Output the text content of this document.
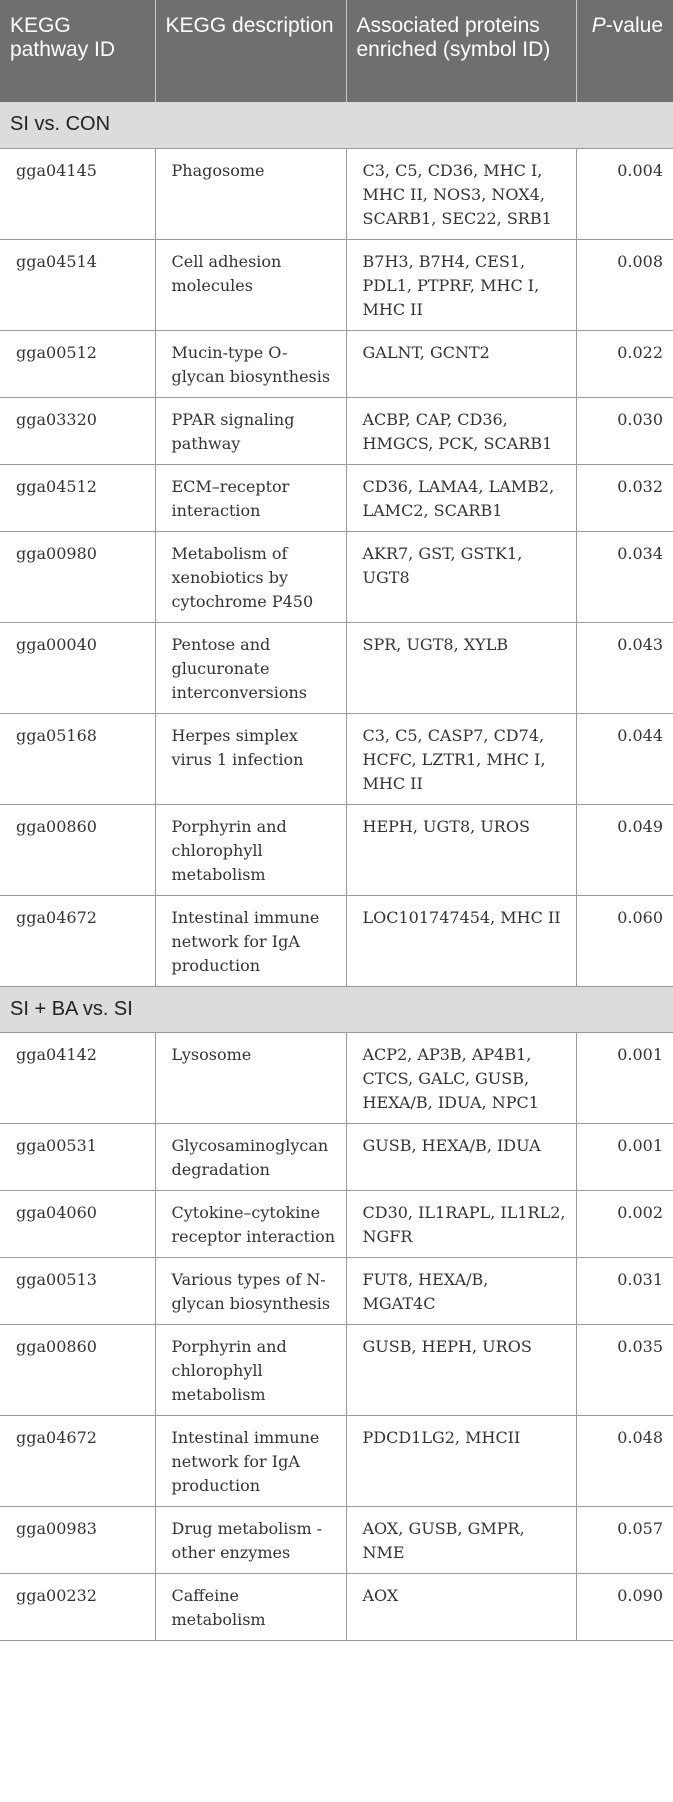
KEGG pathway ID	KEGG description	Associated proteins enriched (symbol ID)	P-value
SI vs. CON			
gga04145	Phagosome	C3, C5, CD36, MHC I, MHC II, NOS3, NOX4, SCARB1, SEC22, SRB1	0.004
gga04514	Cell adhesion molecules	B7H3, B7H4, CES1, PDL1, PTPRF, MHC I, MHC II	0.008
gga00512	Mucin-type O-glycan biosynthesis	GALNT, GCNT2	0.022
gga03320	PPAR signaling pathway	ACBP, CAP, CD36, HMGCS, PCK, SCARB1	0.030
gga04512	ECM–receptor interaction	CD36, LAMA4, LAMB2, LAMC2, SCARB1	0.032
gga00980	Metabolism of xenobiotics by cytochrome P450	AKR7, GST, GSTK1, UGT8	0.034
gga00040	Pentose and glucuronate interconversions	SPR, UGT8, XYLB	0.043
gga05168	Herpes simplex virus 1 infection	C3, C5, CASP7, CD74, HCFC, LZTR1, MHC I, MHC II	0.044
gga00860	Porphyrin and chlorophyll metabolism	HEPH, UGT8, UROS	0.049
gga04672	Intestinal immune network for IgA production	LOC101747454, MHC II	0.060
SI + BA vs. SI			
gga04142	Lysosome	ACP2, AP3B, AP4B1, CTCS, GALC, GUSB, HEXA/B, IDUA, NPC1	0.001
gga00531	Glycosaminoglycan degradation	GUSB, HEXA/B, IDUA	0.001
gga04060	Cytokine–cytokine receptor interaction	CD30, IL1RAPL, IL1RL2, NGFR	0.002
gga00513	Various types of N-glycan biosynthesis	FUT8, HEXA/B, MGAT4C	0.031
gga00860	Porphyrin and chlorophyll metabolism	GUSB, HEPH, UROS	0.035
gga04672	Intestinal immune network for IgA production	PDCD1LG2, MHCII	0.048
gga00983	Drug metabolism - other enzymes	AOX, GUSB, GMPR, NME	0.057
gga00232	Caffeine metabolism	AOX	0.090
